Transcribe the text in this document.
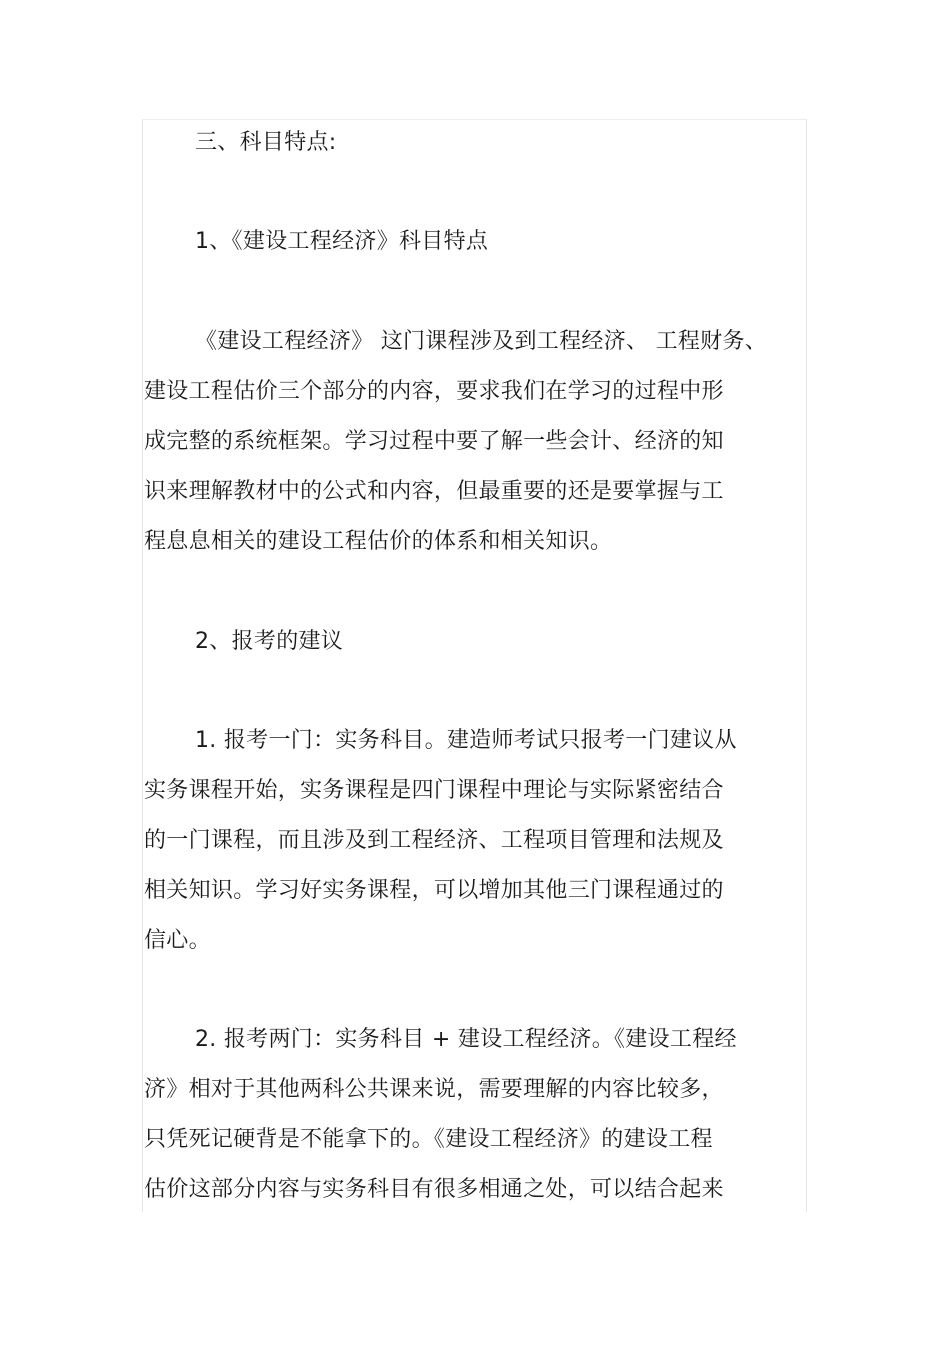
三、科目特点:
1、《建设工程经济》科目特点
《建设工程经济》 这门课程涉及到工程经济、 工程财务、
建设工程估价三个部分的内容，要求我们在学习的过程中形
成完整的系统框架。学习过程中要了解一些会计、经济的知
识来理解教材中的公式和内容，但最重要的还是要掌握与工
程息息相关的建设工程估价的体系和相关知识。
2、报考的建议
1. 报考一门：实务科目。建造师考试只报考一门建议从
实务课程开始，实务课程是四门课程中理论与实际紧密结合
的一门课程，而且涉及到工程经济、工程项目管理和法规及
相关知识。学习好实务课程，可以增加其他三门课程通过的
信心。
2. 报考两门：实务科目 + 建设工程经济。《建设工程经
济》相对于其他两科公共课来说，需要理解的内容比较多，
只凭死记硬背是不能拿下的。《建设工程经济》的建设工程
估价这部分内容与实务科目有很多相通之处，可以结合起来
